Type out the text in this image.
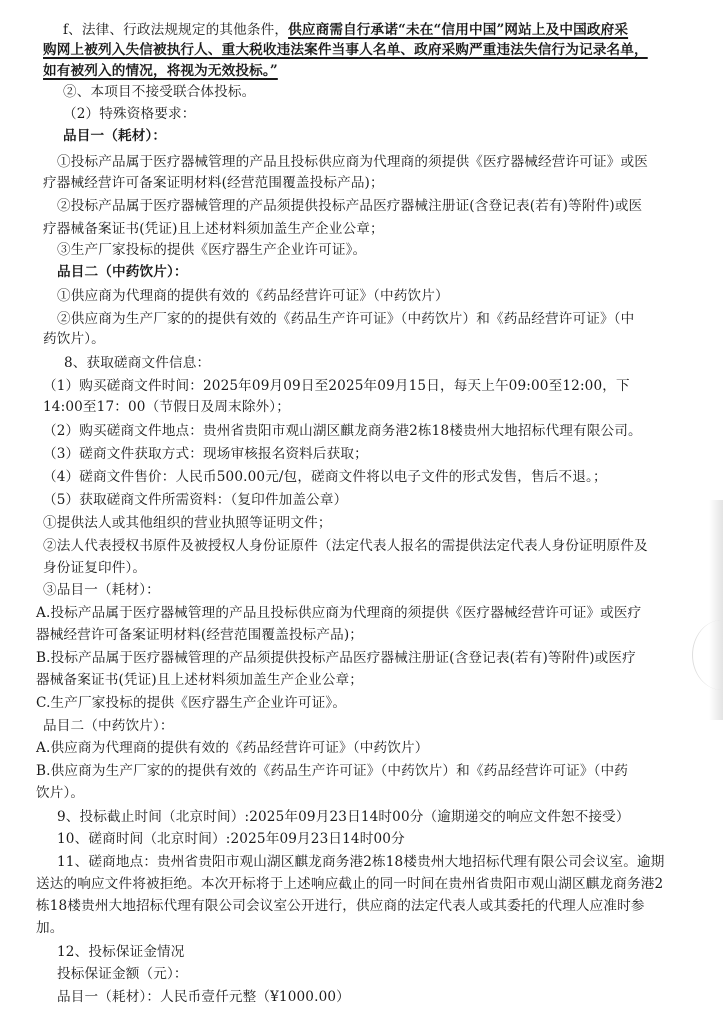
f、法律、行政法规规定的其他条件，供应商需自行承诺“未在“信用中国”网站上及中国政府采
购网上被列入失信被执行人、重大税收违法案件当事人名单、政府采购严重违法失信行为记录名单，
如有被列入的情况，将视为无效投标。”
②、本项目不接受联合体投标。
（2）特殊资格要求：
品目一（耗材）：
①投标产品属于医疗器械管理的产品且投标供应商为代理商的须提供《医疗器械经营许可证》或医
疗器械经营许可备案证明材料(经营范围覆盖投标产品)；
②投标产品属于医疗器械管理的产品须提供投标产品医疗器械注册证(含登记表(若有)等附件)或医
疗器械备案证书(凭证)且上述材料须加盖生产企业公章；
③生产厂家投标的提供《医疗器生产企业许可证》。
品目二（中药饮片）：
①供应商为代理商的提供有效的《药品经营许可证》（中药饮片）
②供应商为生产厂家的的提供有效的《药品生产许可证》（中药饮片）和《药品经营许可证》（中
药饮片）。
8、获取磋商文件信息：
（1）购买磋商文件时间：2025年09月09日至2025年09月15日，每天上午09:00至12:00，下
14:00至17：00（节假日及周末除外）；
（2）购买磋商文件地点：贵州省贵阳市观山湖区麒龙商务港2栋18楼贵州大地招标代理有限公司。
（3）磋商文件获取方式：现场审核报名资料后获取；
（4）磋商文件售价：人民币500.00元/包，磋商文件将以电子文件的形式发售，售后不退。；
（5）获取磋商文件所需资料：（复印件加盖公章）
①提供法人或其他组织的营业执照等证明文件；
②法人代表授权书原件及被授权人身份证原件（法定代表人报名的需提供法定代表人身份证明原件及
身份证复印件）。
③品目一（耗材）：
A.投标产品属于医疗器械管理的产品且投标供应商为代理商的须提供《医疗器械经营许可证》或医疗
器械经营许可备案证明材料(经营范围覆盖投标产品)；
B.投标产品属于医疗器械管理的产品须提供投标产品医疗器械注册证(含登记表(若有)等附件)或医疗
器械备案证书(凭证)且上述材料须加盖生产企业公章；
C.生产厂家投标的提供《医疗器生产企业许可证》。
品目二（中药饮片）：
A.供应商为代理商的提供有效的《药品经营许可证》（中药饮片）
B.供应商为生产厂家的的提供有效的《药品生产许可证》（中药饮片）和《药品经营许可证》（中药
饮片）。
9、投标截止时间（北京时间）:2025年09月23日14时00分（逾期递交的响应文件恕不接受）
10、磋商时间（北京时间）:2025年09月23日14时00分
11、磋商地点：贵州省贵阳市观山湖区麒龙商务港2栋18楼贵州大地招标代理有限公司会议室。逾期
送达的响应文件将被拒绝。本次开标将于上述响应截止的同一时间在贵州省贵阳市观山湖区麒龙商务港2
栋18楼贵州大地招标代理有限公司会议室公开进行，供应商的法定代表人或其委托的代理人应准时参
加。
12、投标保证金情况
投标保证金额（元）：
品目一（耗材）：人民币壹仟元整（¥1000.00）
